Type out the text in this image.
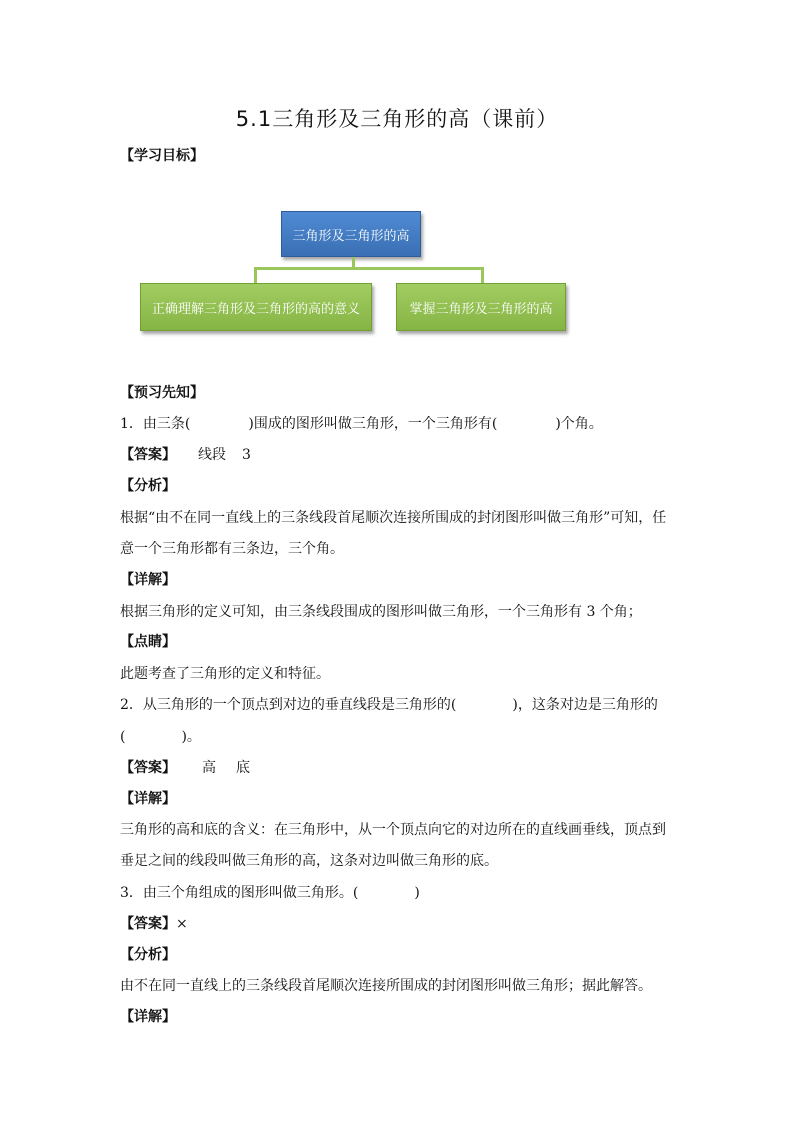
5.1三角形及三角形的高（课前）
【学习目标】
三角形及三角形的高
正确理解三角形及三角形的高的意义	掌握三角形及三角形的高
【预习先知】
1．由三条(	)围成的图形叫做三角形，一个三角形有(	)个角。
【答案】 线段 3
【分析】
根据“由不在同一直线上的三条线段首尾顺次连接所围成的封闭图形叫做三角形”可知，任
意一个三角形都有三条边，三个角。
【详解】
根据三角形的定义可知，由三条线段围成的图形叫做三角形，一个三角形有 3 个角；
【点睛】
此题考查了三角形的定义和特征。
2．从三角形的一个顶点到对边的垂直线段是三角形的(	)，这条对边是三角形的
(	)。
【答案】 高 底
【详解】
三角形的高和底的含义：在三角形中，从一个顶点向它的对边所在的直线画垂线，顶点到
垂足之间的线段叫做三角形的高，这条对边叫做三角形的底。
3．由三个角组成的图形叫做三角形。(	)
【答案】×
【分析】
由不在同一直线上的三条线段首尾顺次连接所围成的封闭图形叫做三角形；据此解答。
【详解】
